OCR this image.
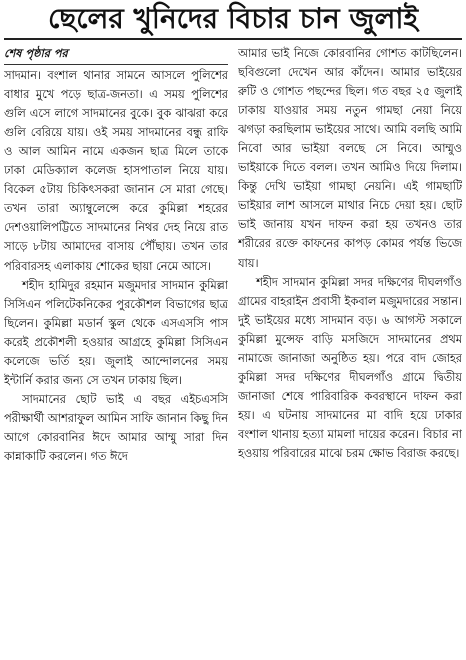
ছেলের খুনিদের বিচার চান জুলাই
শেষ পৃষ্ঠার পর

সাদমান। বংশাল থানার সামনে আসলে পুলিশের বাধার মুখে পড়ে ছাত্র-জনতা। এ সময় পুলিশের গুলি এসে লাগে সাদমানের বুকে। বুক ঝাঝরা করে গুলি বেরিয়ে যায়। ওই সময় সাদমানের বন্ধু রাফি ও আল আমিন নামে একজন ছাত্র মিলে তাকে ঢাকা মেডিক্যাল কলেজ হাসপাতাল নিয়ে যায়। বিকেল ৫টায় চিকিৎসকরা জানান সে মারা গেছে। তখন তারা অ্যাম্বুলেন্সে করে কুমিল্লা শহরের দেশওয়ালিপট্টিতে সাদমানের নিথর দেহ নিয়ে রাত সাড়ে ৮টায় আমাদের বাসায় পৌঁছায়। তখন তার পরিবারসহ এলাকায় শোকের ছায়া নেমে আসে।

শহীদ হামিদুর রহমান মজুমদার সাদমান কুমিল্লা সিসিএন পলিটেকনিকের পুরকৌশল বিভাগের ছাত্র ছিলেন। কুমিল্লা মডার্ন স্কুল থেকে এসএসসি পাস করেই প্রকৌশলী হওয়ার আগ্রহে কুমিল্লা সিসিএন কলেজে ভর্তি হয়। জুলাই আন্দোলনের সময় ইন্টার্নি করার জন্য সে তখন ঢাকায় ছিল।

সাদমানের ছোট ভাই এ বছর এইচএসসি পরীক্ষার্থী আশরাফুল আমিন সাফি জানান কিছু দিন আগে কোরবানির ঈদে আমার আম্মু সারা দিন কান্নাকাটি করলেন। গত ঈদে

আমার ভাই নিজে কোরবানির গোশত কাটছিলেন। ছবিগুলো দেখেন আর কাঁদেন। আমার ভাইয়ের রুটি ও গোশত পছন্দের ছিল। গত বছর ২৫ জুলাই ঢাকায় যাওয়ার সময় নতুন গামছা নেয়া নিয়ে ঝগড়া করছিলাম ভাইয়ের সাথে। আমি বলছি আমি নিবো আর ভাইয়া বলছে সে নিবে। আম্মুও ভাইয়াকে দিতে বলল। তখন আমিও দিয়ে দিলাম। কিন্তু দেখি ভাইয়া গামছা নেয়নি। এই গামছাটি ভাইয়ার লাশ আসলে মাথার নিচে দেয়া হয়। ছোট ভাই জানায় যখন দাফন করা হয় তখনও তার শরীরের রক্তে কাফনের কাপড় কোমর পর্যন্ত ভিজে যায়।

শহীদ সাদমান কুমিল্লা সদর দক্ষিণের দীঘলগাঁও গ্রামের বাহরাইন প্রবাসী ইকবাল মজুমদারের সন্তান। দুই ভাইয়ের মধ্যে সাদমান বড়। ৬ আগস্ট সকালে কুমিল্লা মুন্সেফ বাড়ি মসজিদে সাদমানের প্রথম নামাজে জানাজা অনুষ্ঠিত হয়। পরে বাদ জোহর কুমিল্লা সদর দক্ষিণের দীঘলগাঁও গ্রামে দ্বিতীয় জানাজা শেষে পারিবারিক কবরস্থানে দাফন করা হয়। এ ঘটনায় সাদমানের মা বাদি হয়ে ঢাকার বংশাল থানায় হত্যা মামলা দায়ের করেন। বিচার না হওয়ায় পরিবারের মাঝে চরম ক্ষোভ বিরাজ করছে।
